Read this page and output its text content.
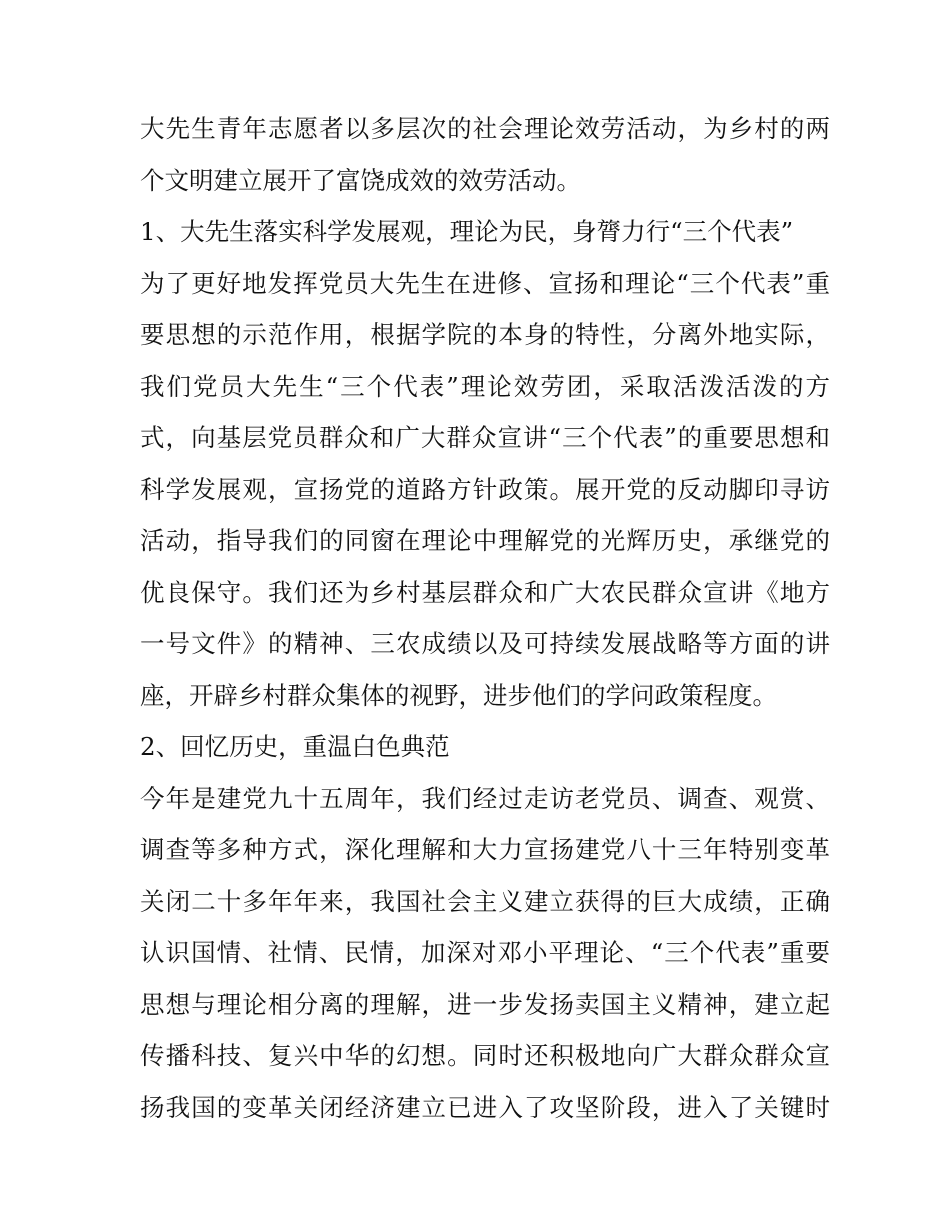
大先生青年志愿者以多层次的社会理论效劳活动，为乡村的两
个文明建立展开了富饶成效的效劳活动。
1、大先生落实科学发展观，理论为民，身膂力行“三个代表”
为了更好地发挥党员大先生在进修、宣扬和理论“三个代表”重
要思想的示范作用，根据学院的本身的特性，分离外地实际，
我们党员大先生“三个代表”理论效劳团，采取活泼活泼的方
式，向基层党员群众和广大群众宣讲“三个代表”的重要思想和
科学发展观，宣扬党的道路方针政策。展开党的反动脚印寻访
活动，指导我们的同窗在理论中理解党的光辉历史，承继党的
优良保守。我们还为乡村基层群众和广大农民群众宣讲《地方
一号文件》的精神、三农成绩以及可持续发展战略等方面的讲
座，开辟乡村群众集体的视野，进步他们的学问政策程度。
2、回忆历史，重温白色典范
今年是建党九十五周年，我们经过走访老党员、调查、观赏、
调查等多种方式，深化理解和大力宣扬建党八十三年特别变革
关闭二十多年年来，我国社会主义建立获得的巨大成绩，正确
认识国情、社情、民情，加深对邓小平理论、“三个代表”重要
思想与理论相分离的理解，进一步发扬卖国主义精神，建立起
传播科技、复兴中华的幻想。同时还积极地向广大群众群众宣
扬我国的变革关闭经济建立已进入了攻坚阶段，进入了关键时
